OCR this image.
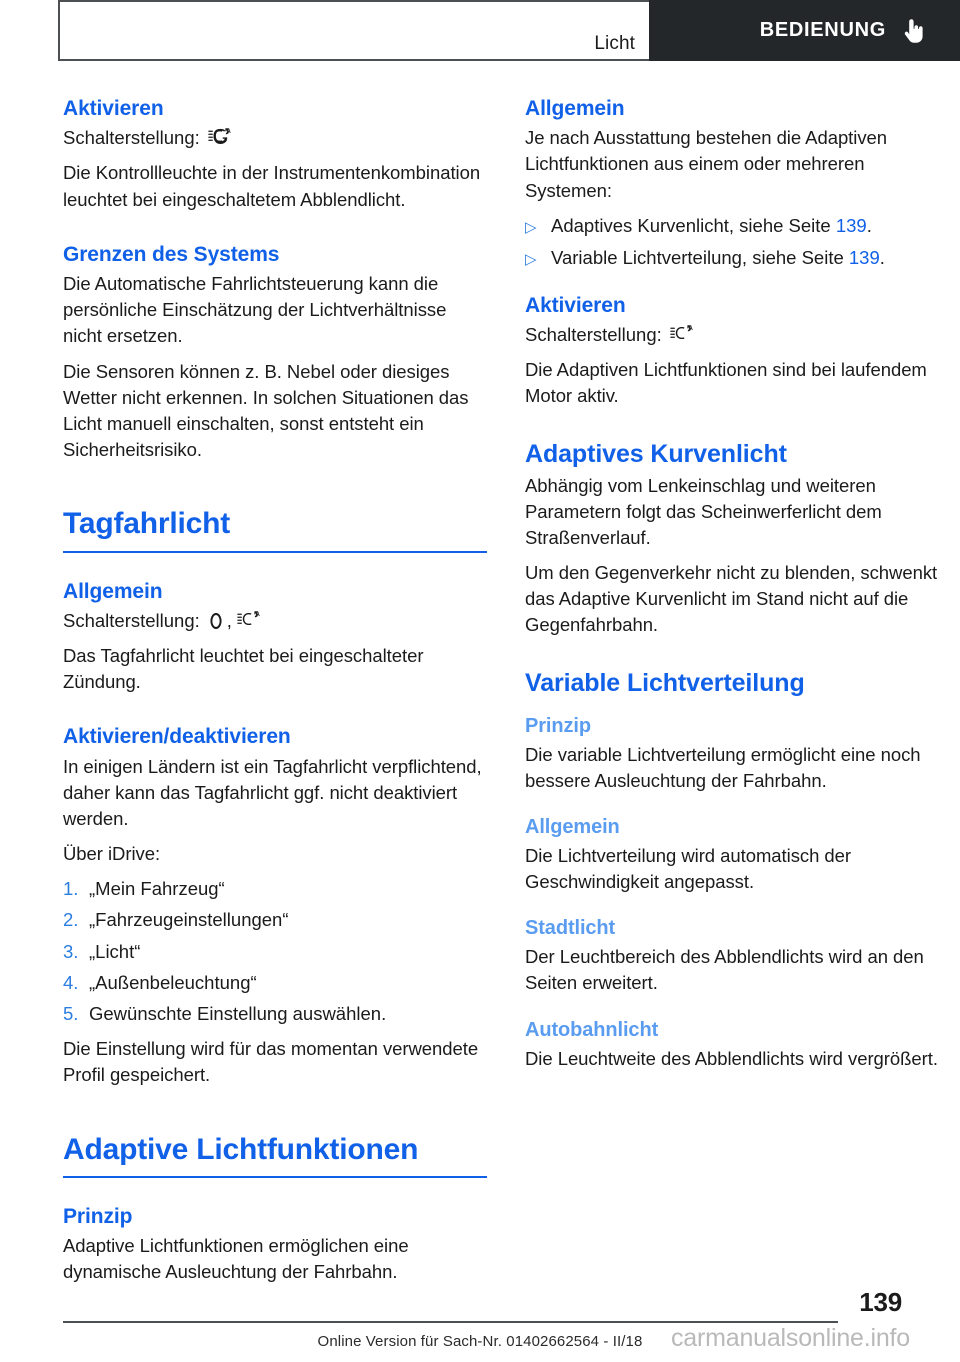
Licht
BEDIENUNG
Aktivieren
Schalterstellung:	A

Die Kontrollleuchte in der Instrumentenkombination leuchtet bei eingeschaltetem Abblendlicht.

Grenzen des Systems

Die Automatische Fahrlichtsteuerung kann die persönliche Einschätzung der Lichtverhältnisse nicht ersetzen.

Die Sensoren können z. B. Nebel oder diesiges Wetter nicht erkennen. In solchen Situationen das Licht manuell einschalten, sonst entsteht ein Sicherheitsrisiko.

Tagfahrlicht
Allgemein
Schalterstellung: ,	A

Das Tagfahrlicht leuchtet bei eingeschalteter Zündung.

Aktivieren/deaktivieren

In einigen Ländern ist ein Tagfahrlicht verpflichtend, daher kann das Tagfahrlicht ggf. nicht deaktiviert werden.

Über iDrive:

1. „Mein Fahrzeug“
2. „Fahrzeugeinstellungen“
3. „Licht“
4. „Außenbeleuchtung“
5. Gewünschte Einstellung auswählen.

Die Einstellung wird für das momentan verwendete Profil gespeichert.

Adaptive Lichtfunktionen
Prinzip

Adaptive Lichtfunktionen ermöglichen eine dynamische Ausleuchtung der Fahrbahn.

Allgemein

Je nach Ausstattung bestehen die Adaptiven Lichtfunktionen aus einem oder mehreren Systemen:

▷ Adaptives Kurvenlicht, siehe Seite 139.
▷ Variable Lichtverteilung, siehe Seite 139.
Aktivieren
Schalterstellung:	A

Die Adaptiven Lichtfunktionen sind bei laufendem Motor aktiv.

Adaptives Kurvenlicht

Abhängig vom Lenkeinschlag und weiteren Parametern folgt das Scheinwerferlicht dem Straßenverlauf.

Um den Gegenverkehr nicht zu blenden, schwenkt das Adaptive Kurvenlicht im Stand nicht auf die Gegenfahrbahn.

Variable Lichtverteilung
Prinzip

Die variable Lichtverteilung ermöglicht eine noch bessere Ausleuchtung der Fahrbahn.

Allgemein

Die Lichtverteilung wird automatisch der Geschwindigkeit angepasst.

Stadtlicht

Der Leuchtbereich des Abblendlichts wird an den Seiten erweitert.

Autobahnlicht

Die Leuchtweite des Abblendlichts wird vergrößert.

139
Online Version für Sach-Nr. 01402662564 - II/18	carmanualsonline.info
